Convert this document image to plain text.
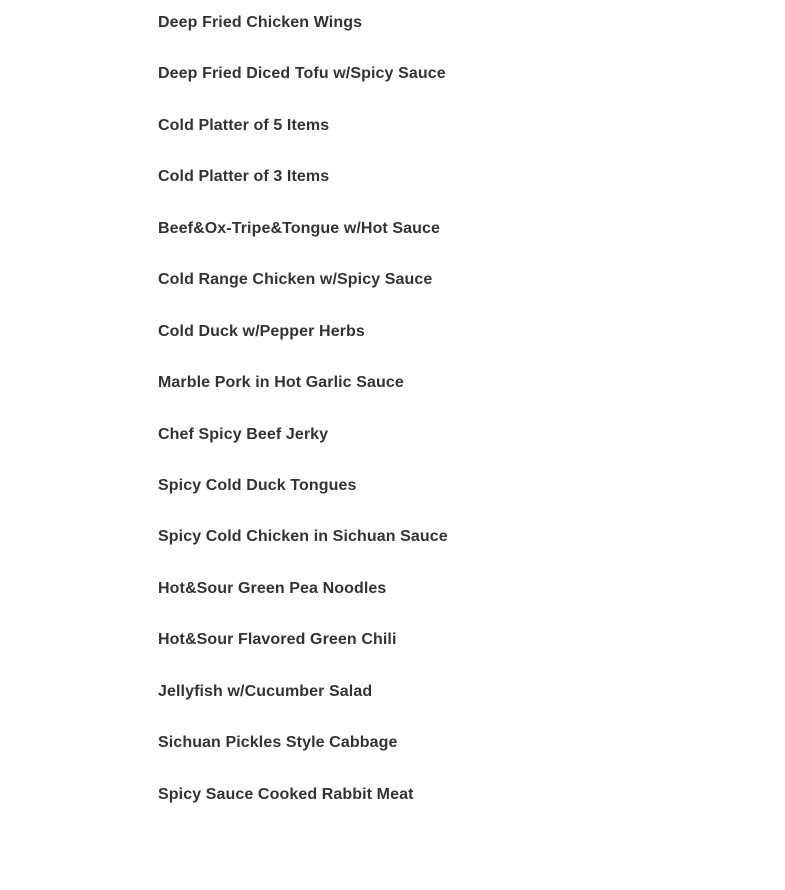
Deep Fried Chicken Wings
Deep Fried Diced Tofu w/Spicy Sauce
Cold Platter of 5 Items
Cold Platter of 3 Items
Beef&Ox-Tripe&Tongue w/Hot Sauce
Cold Range Chicken w/Spicy Sauce
Cold Duck w/Pepper Herbs
Marble Pork in Hot Garlic Sauce
Chef Spicy Beef Jerky
Spicy Cold Duck Tongues
Spicy Cold Chicken in Sichuan Sauce
Hot&Sour Green Pea Noodles
Hot&Sour Flavored Green Chili
Jellyfish w/Cucumber Salad
Sichuan Pickles Style Cabbage
Spicy Sauce Cooked Rabbit Meat
